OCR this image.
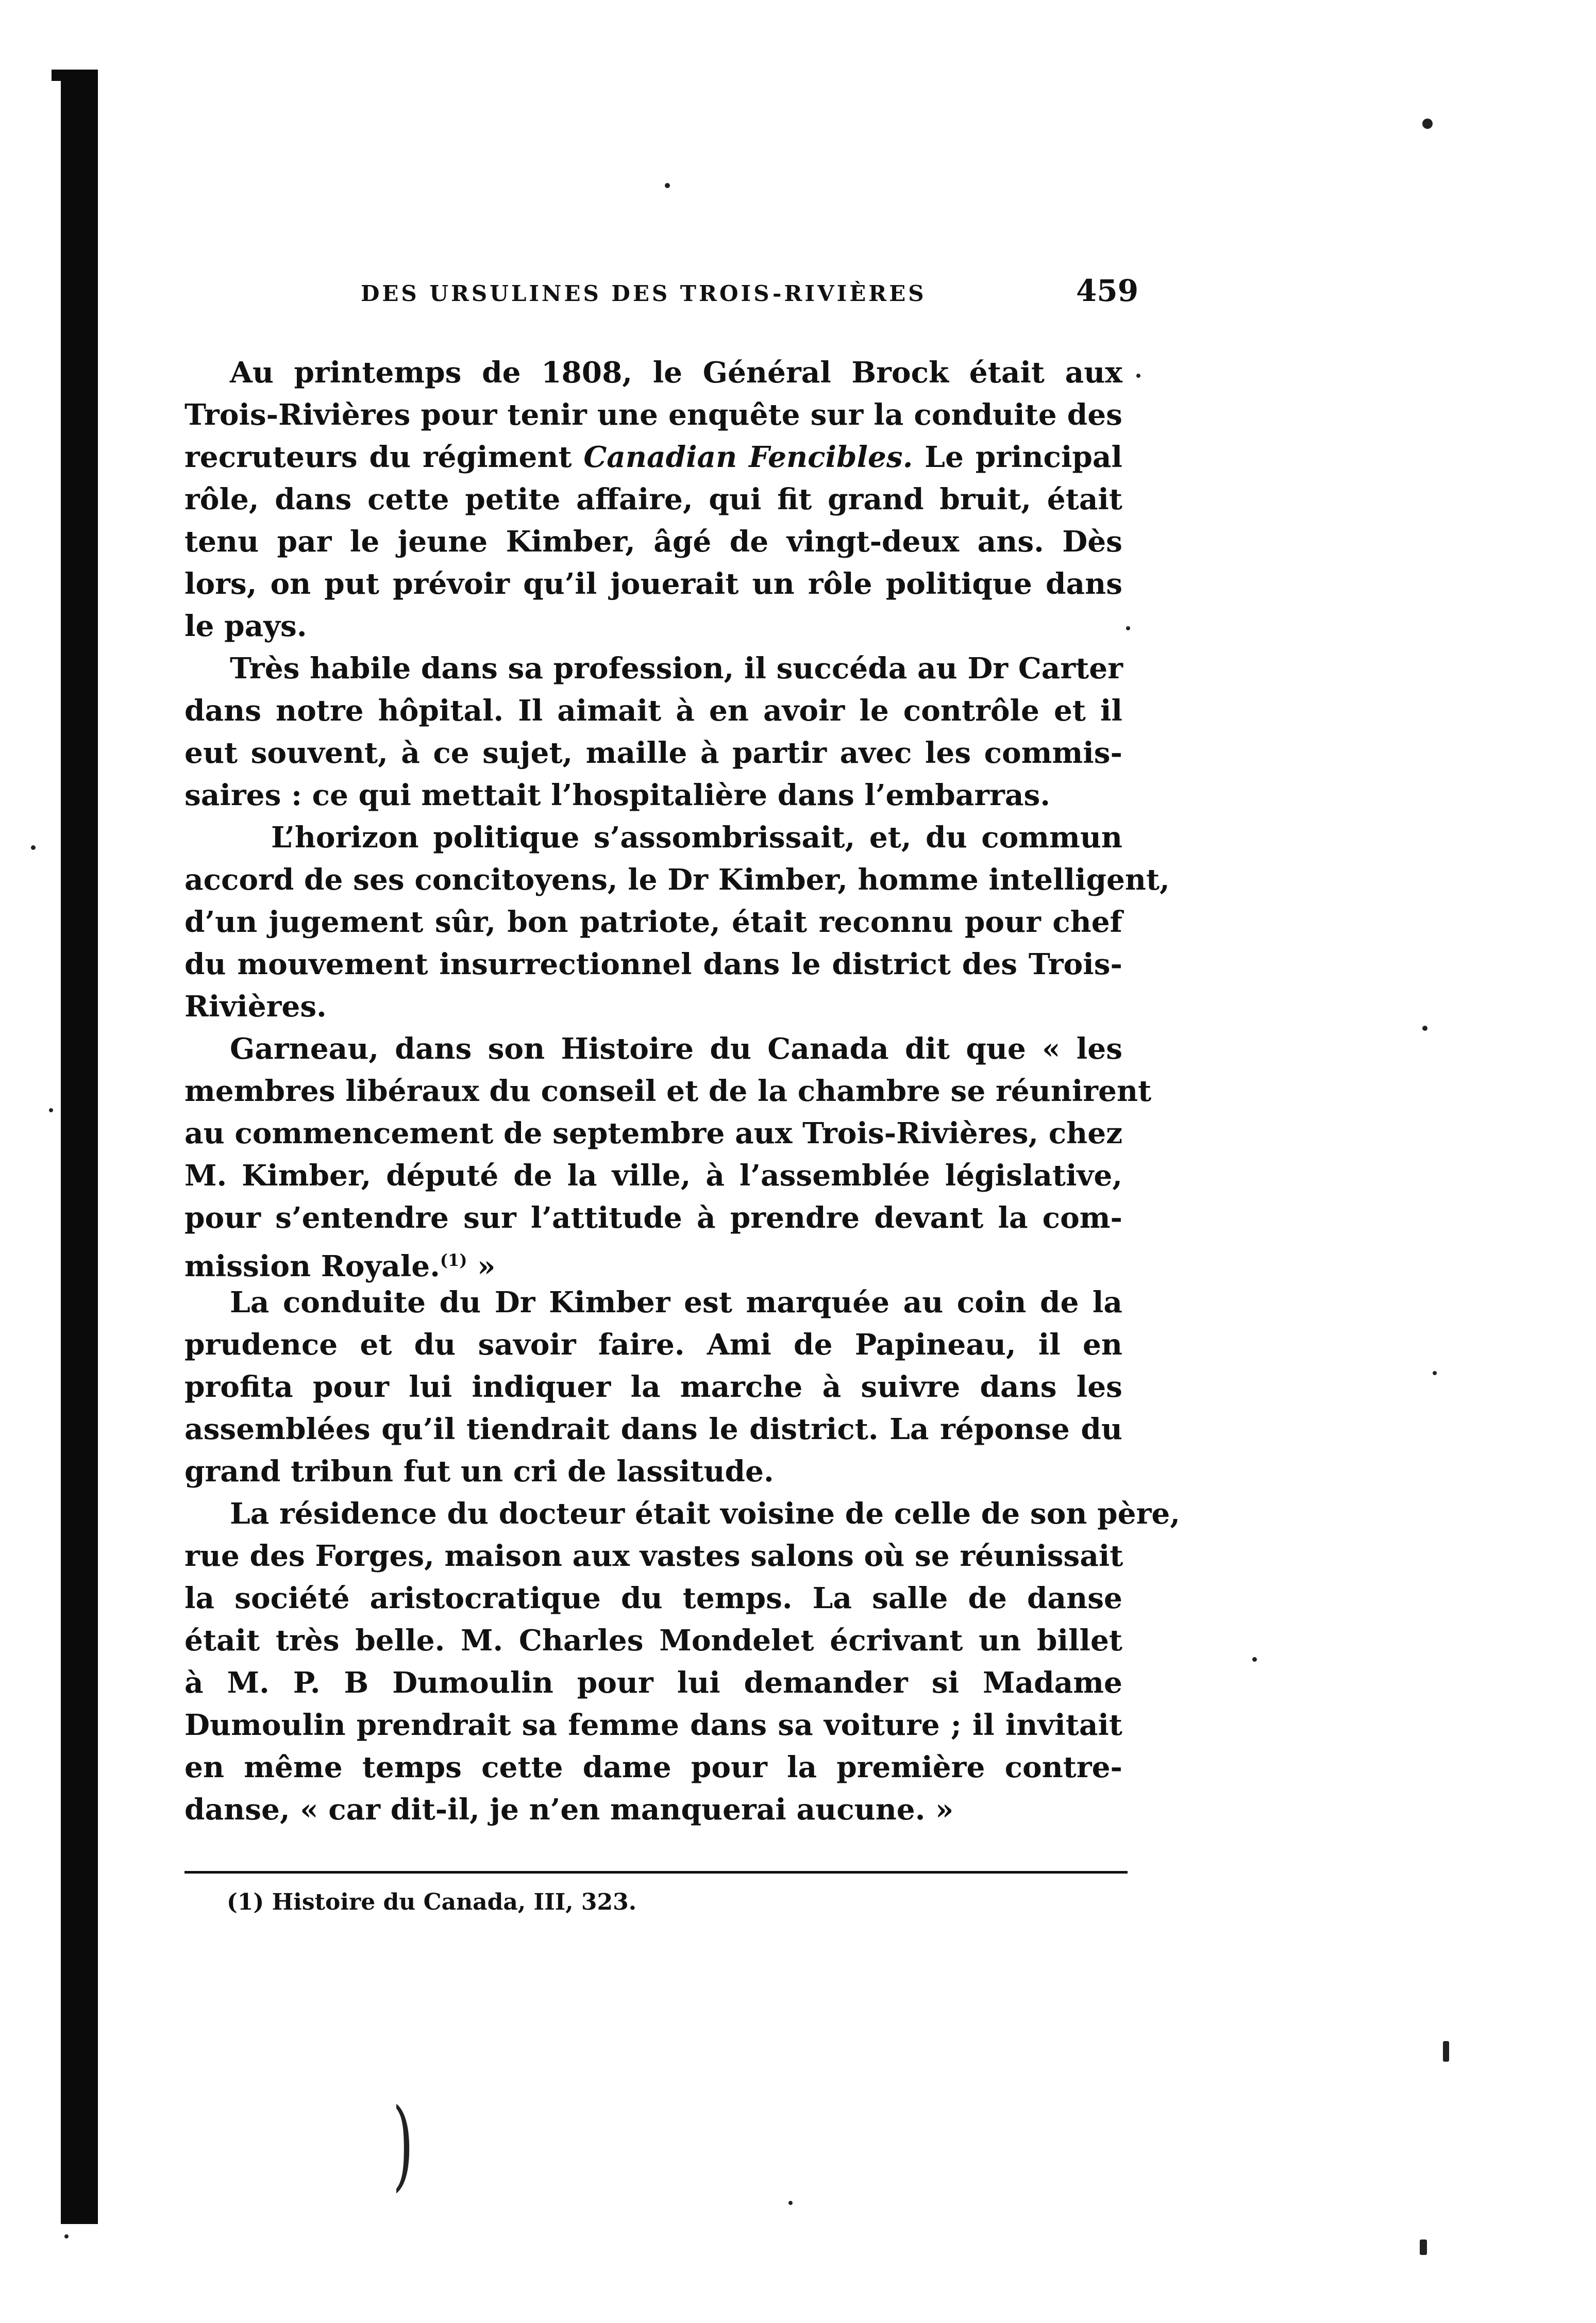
DES URSULINES DES TROIS-RIVIÈRES	459
Au printemps de 1808, le Général Brock était aux
Trois-Rivières pour tenir une enquête sur la conduite des
recruteurs du régiment Canadian Fencibles. Le principal
rôle, dans cette petite affaire, qui fit grand bruit, était
tenu par le jeune Kimber, âgé de vingt-deux ans. Dès
lors, on put prévoir qu’il jouerait un rôle politique dans
le pays.
Très habile dans sa profession, il succéda au Dr Carter
dans notre hôpital. Il aimait à en avoir le contrôle et il
eut souvent, à ce sujet, maille à partir avec les commis-
saires : ce qui mettait l’hospitalière dans l’embarras.
L’horizon politique s’assombrissait, et, du commun
accord de ses concitoyens, le Dr Kimber, homme intelligent,
d’un jugement sûr, bon patriote, était reconnu pour chef
du mouvement insurrectionnel dans le district des Trois-
Rivières.
Garneau, dans son Histoire du Canada dit que « les
membres libéraux du conseil et de la chambre se réunirent
au commencement de septembre aux Trois-Rivières, chez
M. Kimber, député de la ville, à l’assemblée législative,
pour s’entendre sur l’attitude à prendre devant la com-
mission Royale.$^{(1)}$ »
La conduite du Dr Kimber est marquée au coin de la
prudence et du savoir faire. Ami de Papineau, il en
profita pour lui indiquer la marche à suivre dans les
assemblées qu’il tiendrait dans le district. La réponse du
grand tribun fut un cri de lassitude.
La résidence du docteur était voisine de celle de son père,
rue des Forges, maison aux vastes salons où se réunissait
la société aristocratique du temps. La salle de danse
était très belle. M. Charles Mondelet écrivant un billet
à M. P. B Dumoulin pour lui demander si Madame
Dumoulin prendrait sa femme dans sa voiture ; il invitait
en même temps cette dame pour la première contre-
danse, « car dit-il, je n’en manquerai aucune. »
(1) Histoire du Canada, III, 323.
)
